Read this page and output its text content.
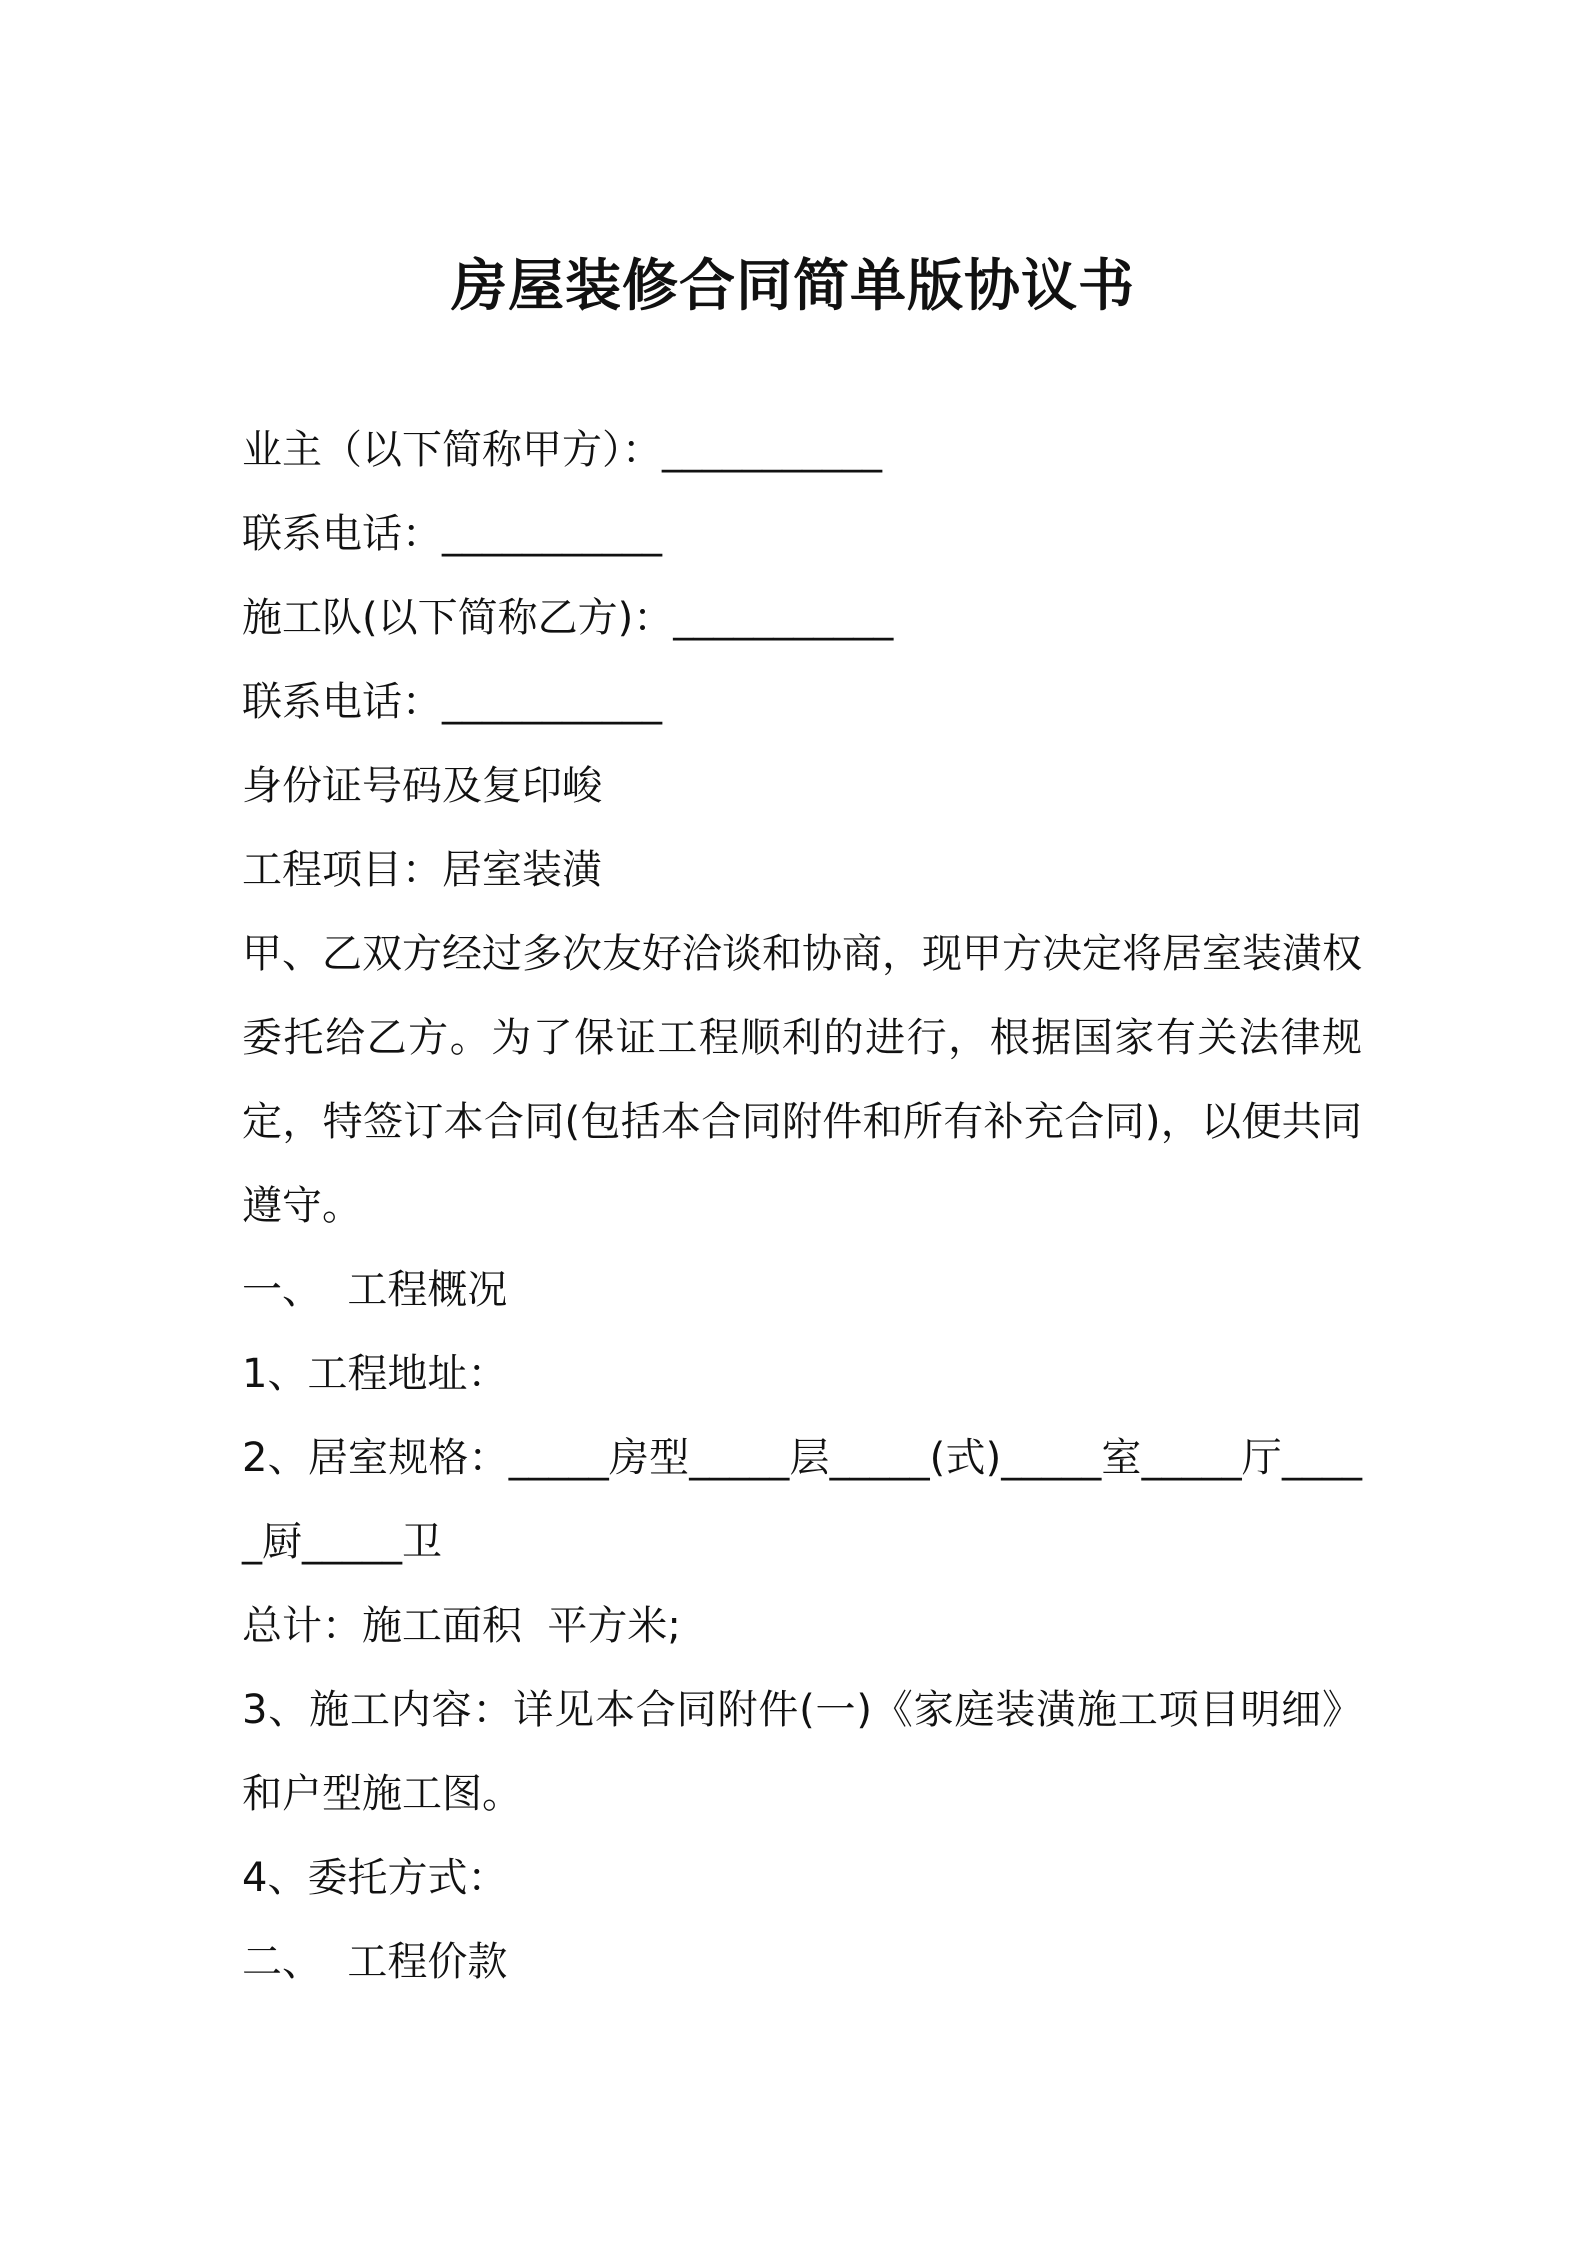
房屋装修合同简单版协议书

业主（以下简称甲方）：___________

联系电话：___________

施工队(以下简称乙方)：___________

联系电话：___________

身份证号码及复印峻

工程项目：居室装潢

甲、乙双方经过多次友好洽谈和协商，现甲方决定将居室装潢权委托给乙方。为了保证工程顺利的进行，根据国家有关法律规定，特签订本合同(包括本合同附件和所有补充合同)，以便共同遵守。

一、  工程概况

1、工程地址：

2、居室规格：_____房型_____层_____(式)_____室_____厅_____厨_____卫

总计：施工面积  平方米;

3、施工内容：详见本合同附件(一)《家庭装潢施工项目明细》和户型施工图。

4、委托方式：

二、  工程价款
